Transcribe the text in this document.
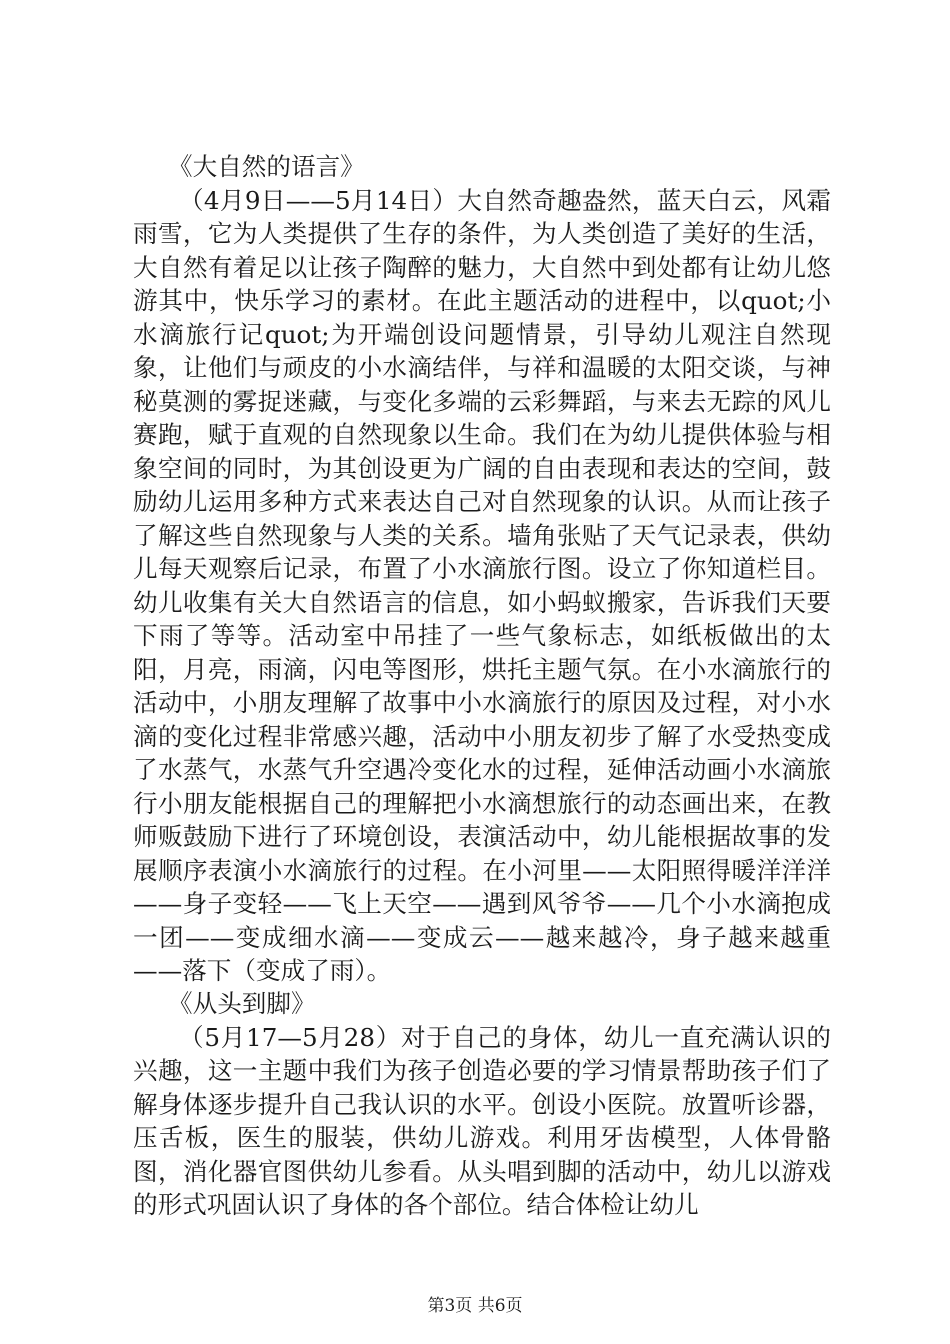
《大自然的语言》

（4月9日——5月14日）大自然奇趣盎然，蓝天白云，风霜雨雪，它为人类提供了生存的条件，为人类创造了美好的生活，大自然有着足以让孩子陶醉的魅力，大自然中到处都有让幼儿悠游其中，快乐学习的素材。在此主题活动的进程中，以quot;小水滴旅行记quot;为开端创设问题情景，引导幼儿观注自然现象，让他们与顽皮的小水滴结伴，与祥和温暖的太阳交谈，与神秘莫测的雾捉迷藏，与变化多端的云彩舞蹈，与来去无踪的风儿赛跑，赋于直观的自然现象以生命。我们在为幼儿提供体验与相象空间的同时，为其创设更为广阔的自由表现和表达的空间，鼓励幼儿运用多种方式来表达自己对自然现象的认识。从而让孩子了解这些自然现象与人类的关系。墙角张贴了天气记录表，供幼儿每天观察后记录，布置了小水滴旅行图。设立了你知道栏目。幼儿收集有关大自然语言的信息，如小蚂蚁搬家，告诉我们天要下雨了等等。活动室中吊挂了一些气象标志，如纸板做出的太阳，月亮，雨滴，闪电等图形，烘托主题气氛。在小水滴旅行的活动中，小朋友理解了故事中小水滴旅行的原因及过程，对小水滴的变化过程非常感兴趣，活动中小朋友初步了解了水受热变成了水蒸气，水蒸气升空遇冷变化水的过程，延伸活动画小水滴旅行小朋友能根据自己的理解把小水滴想旅行的动态画出来，在教师贩鼓励下进行了环境创设，表演活动中，幼儿能根据故事的发展顺序表演小水滴旅行的过程。在小河里——太阳照得暖洋洋洋——身子变轻——飞上天空——遇到风爷爷——几个小水滴抱成一团——变成细水滴——变成云——越来越冷，身子越来越重——落下（变成了雨）。

《从头到脚》

（5月17—5月28）对于自己的身体，幼儿一直充满认识的兴趣，这一主题中我们为孩子创造必要的学习情景帮助孩子们了解身体逐步提升自己我认识的水平。创设小医院。放置听诊器，压舌板，医生的服装，供幼儿游戏。利用牙齿模型，人体骨骼图，消化器官图供幼儿参看。从头唱到脚的活动中，幼儿以游戏的形式巩固认识了身体的各个部位。结合体检让幼儿

第3页 共6页
